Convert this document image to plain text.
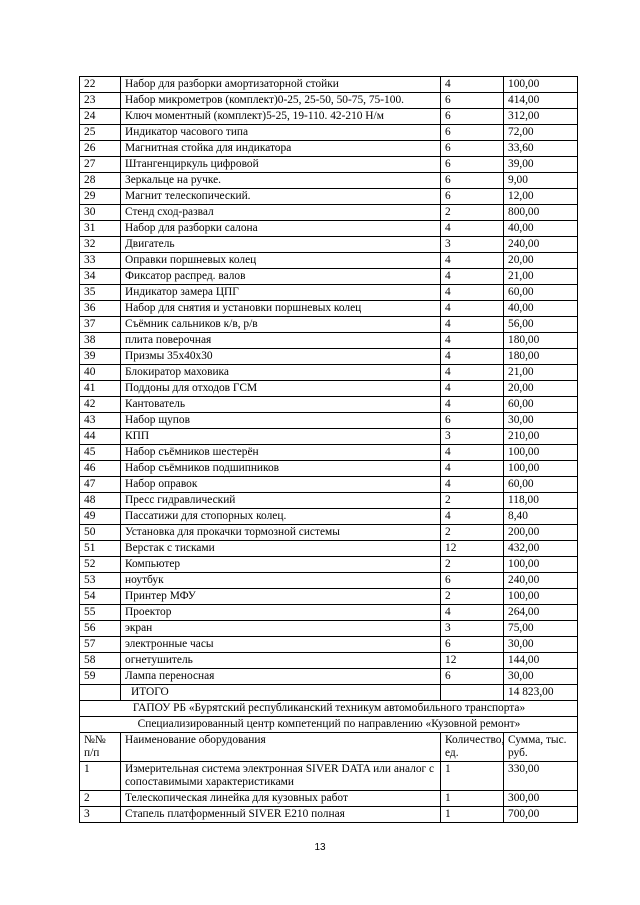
22	Набор для разборки амортизаторной стойки	4	100,00
23	Набор микрометров (комплект)0-25, 25-50, 50-75, 75-100.	6	414,00
24	Ключ моментный (комплект)5-25, 19-110. 42-210 Н/м	6	312,00
25	Индикатор часового типа	6	72,00
26	Магнитная стойка для индикатора	6	33,60
27	Штангенциркуль цифровой	6	39,00
28	Зеркальце на ручке.	6	9,00
29	Магнит телескопический.	6	12,00
30	Стенд сход-развал	2	800,00
31	Набор для разборки салона	4	40,00
32	Двигатель	3	240,00
33	Оправки поршневых колец	4	20,00
34	Фиксатор распред. валов	4	21,00
35	Индикатор замера ЦПГ	4	60,00
36	Набор для снятия и установки поршневых колец	4	40,00
37	Съёмник сальников к/в, р/в	4	56,00
38	плита поверочная	4	180,00
39	Призмы 35х40х30	4	180,00
40	Блокиратор маховика	4	21,00
41	Поддоны для отходов ГСМ	4	20,00
42	Кантователь	4	60,00
43	Набор щупов	6	30,00
44	КПП	3	210,00
45	Набор съёмников шестерён	4	100,00
46	Набор съёмников подшипников	4	100,00
47	Набор оправок	4	60,00
48	Пресс гидравлический	2	118,00
49	Пассатижи для стопорных колец.	4	8,40
50	Установка для прокачки тормозной системы	2	200,00
51	Верстак с тисками	12	432,00
52	Компьютер	2	100,00
53	ноутбук	6	240,00
54	Принтер МФУ	2	100,00
55	Проектор	4	264,00
56	экран	3	75,00
57	электронные часы	6	30,00
58	огнетушитель	12	144,00
59	Лампа переносная	6	30,00
	ИТОГО		14 823,00
ГАПОУ РБ «Бурятский республиканский техникум автомобильного транспорта»			
Специализированный центр компетенций по направлению «Кузовной ремонт»			
№№ п/п	Наименование оборудования	Количество, ед.	Сумма, тыс. руб.
1	Измерительная система электронная SIVER DATA или аналог с сопоставимыми характеристиками	1	330,00
2	Телескопическая линейка для кузовных работ	1	300,00
3	Стапель платформенный SIVER E210 полная	1	700,00
13
